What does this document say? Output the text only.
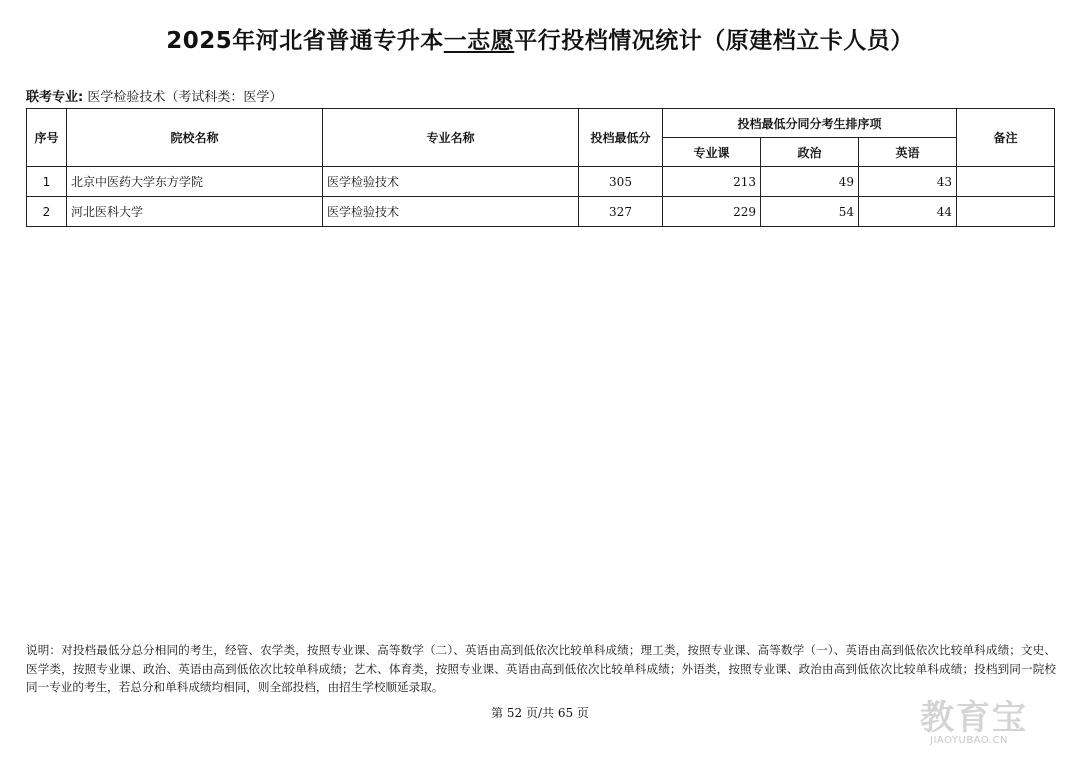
2025年河北省普通专升本一志愿平行投档情况统计（原建档立卡人员）
联考专业: 医学检验技术（考试科类：医学）
序号	院校名称	专业名称	投档最低分	投档最低分同分考生排序项			备注
				专业课	政治	英语	
1	北京中医药大学东方学院	医学检验技术	305	213	49	43	
2	河北医科大学	医学检验技术	327	229	54	44	
说明：对投档最低分总分相同的考生，经管、农学类，按照专业课、高等数学（二）、英语由高到低依次比较单科成绩；理工类，按照专业课、高等数学（一）、英语由高到低依次比较单科成绩；文史、医学类，按照专业课、政治、英语由高到低依次比较单科成绩；艺术、体育类，按照专业课、英语由高到低依次比较单科成绩；外语类，按照专业课、政治由高到低依次比较单科成绩；投档到同一院校同一专业的考生，若总分和单科成绩均相同，则全部投档，由招生学校顺延录取。
第 52 页/共 65 页	教育宝
JIAOYUBAO.CN
